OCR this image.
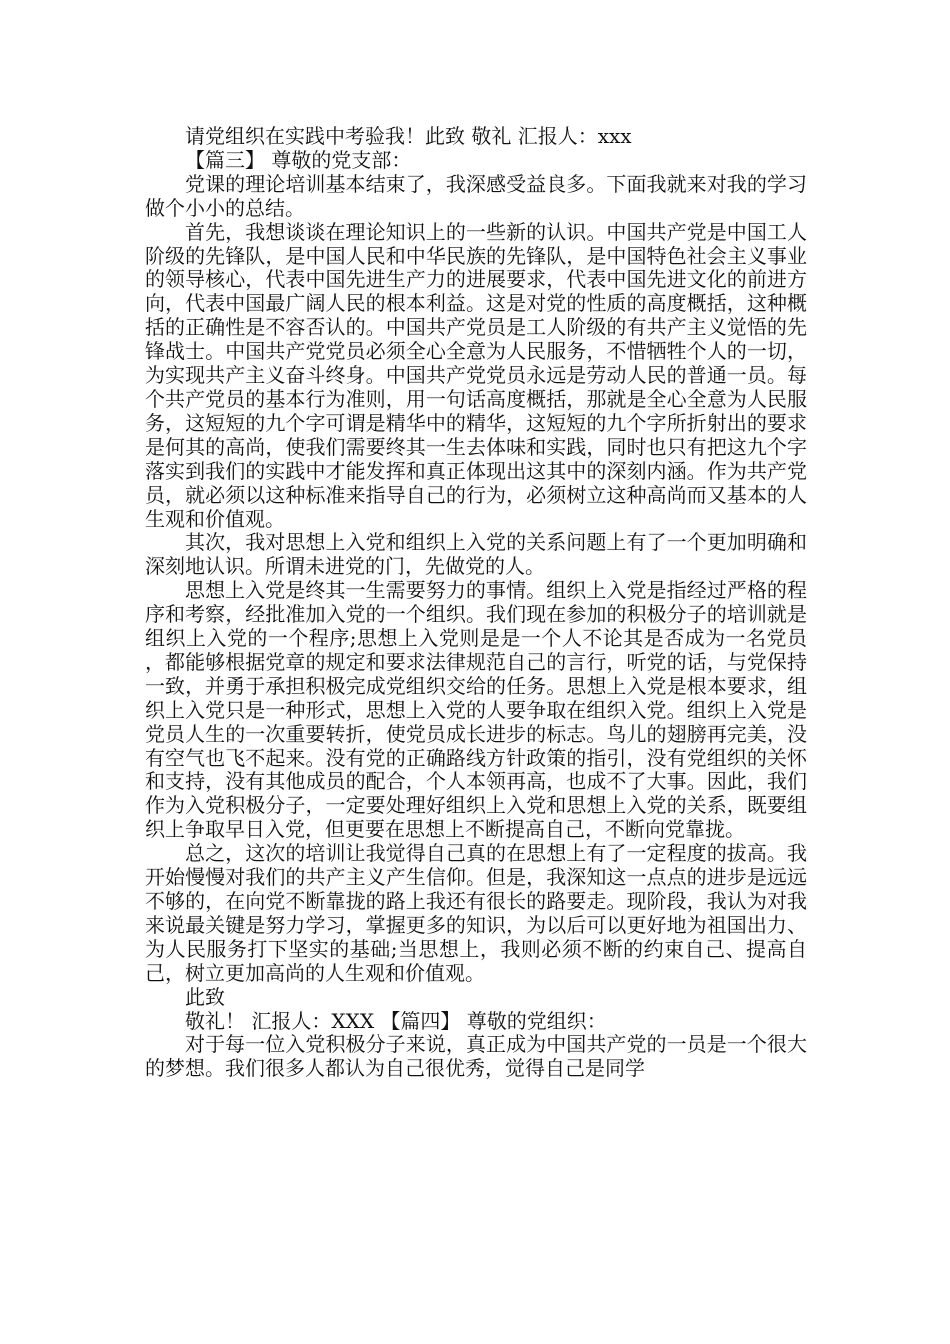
请党组织在实践中考验我！此致 敬礼 汇报人：xxx

【篇三】 尊敬的党支部：

党课的理论培训基本结束了，我深感受益良多。下面我就来对我的学习做个小小的总结。

首先，我想谈谈在理论知识上的一些新的认识。中国共产党是中国工人阶级的先锋队，是中国人民和中华民族的先锋队，是中国特色社会主义事业的领导核心，代表中国先进生产力的进展要求，代表中国先进文化的前进方向，代表中国最广阔人民的根本利益。这是对党的性质的高度概括，这种概括的正确性是不容否认的。中国共产党员是工人阶级的有共产主义觉悟的先锋战士。中国共产党党员必须全心全意为人民服务，不惜牺牲个人的一切，为实现共产主义奋斗终身。中国共产党党员永远是劳动人民的普通一员。每个共产党员的基本行为准则，用一句话高度概括，那就是全心全意为人民服务，这短短的九个字可谓是精华中的精华，这短短的九个字所折射出的要求是何其的高尚，使我们需要终其一生去体味和实践，同时也只有把这九个字落实到我们的实践中才能发挥和真正体现出这其中的深刻内涵。作为共产党员，就必须以这种标准来指导自己的行为，必须树立这种高尚而又基本的人生观和价值观。

其次，我对思想上入党和组织上入党的关系问题上有了一个更加明确和深刻地认识。所谓未进党的门，先做党的人。

思想上入党是终其一生需要努力的事情。组织上入党是指经过严格的程序和考察，经批准加入党的一个组织。我们现在参加的积极分子的培训就是组织上入党的一个程序;思想上入党则是是一个人不论其是否成为一名党员，都能够根据党章的规定和要求法律规范自己的言行，听党的话，与党保持一致，并勇于承担积极完成党组织交给的任务。思想上入党是根本要求，组织上入党只是一种形式，思想上入党的人要争取在组织入党。组织上入党是党员人生的一次重要转折，使党员成长进步的标志。鸟儿的翅膀再完美，没有空气也飞不起来。没有党的正确路线方针政策的指引，没有党组织的关怀和支持，没有其他成员的配合，个人本领再高，也成不了大事。因此，我们作为入党积极分子，一定要处理好组织上入党和思想上入党的关系，既要组织上争取早日入党，但更要在思想上不断提高自己，不断向党靠拢。

总之，这次的培训让我觉得自己真的在思想上有了一定程度的拔高。我开始慢慢对我们的共产主义产生信仰。但是，我深知这一点点的进步是远远不够的，在向党不断靠拢的路上我还有很长的路要走。现阶段，我认为对我来说最关键是努力学习，掌握更多的知识，为以后可以更好地为祖国出力、为人民服务打下坚实的基础;当思想上，我则必须不断的约束自己、提高自己，树立更加高尚的人生观和价值观。

此致

敬礼！ 汇报人：XXX 【篇四】 尊敬的党组织：

对于每一位入党积极分子来说，真正成为中国共产党的一员是一个很大的梦想。我们很多人都认为自己很优秀，觉得自己是同学
